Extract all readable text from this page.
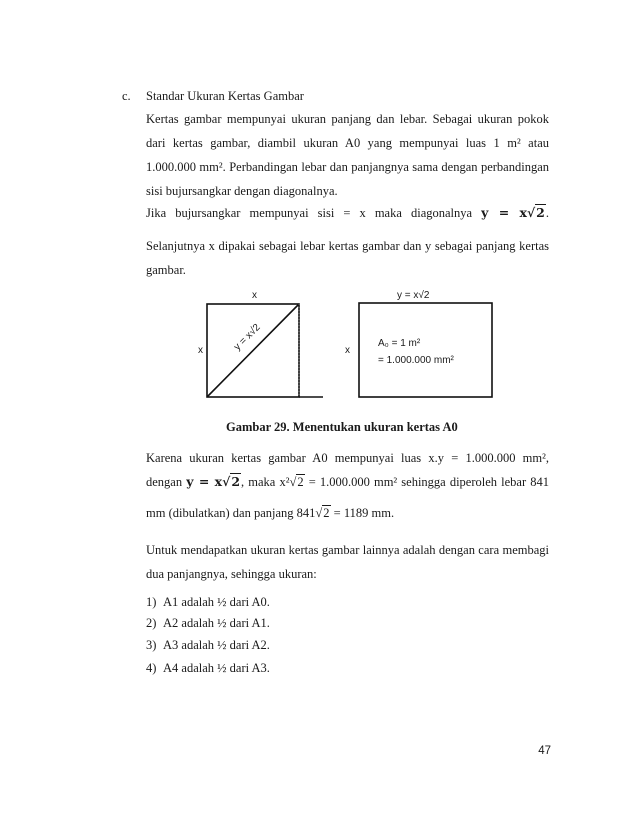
c. Standar Ukuran Kertas Gambar
Kertas gambar mempunyai ukuran panjang dan lebar. Sebagai ukuran pokok dari kertas gambar, diambil ukuran A0 yang mempunyai luas 1 m² atau 1.000.000 mm². Perbandingan lebar dan panjangnya sama dengan perbandingan sisi bujursangkar dengan diagonalnya.
Jika bujursangkar mempunyai sisi = x maka diagonalnya y = x√2.
Selanjutnya x dipakai sebagai lebar kertas gambar dan y sebagai panjang kertas gambar.
x
x	y = x√2
y = x√2
x
A₀ = 1 m²
= 1.000.000 mm²
Gambar 29. Menentukan ukuran kertas A0
Karena ukuran kertas gambar A0 mempunyai luas x.y = 1.000.000 mm²,
dengan y = x√2, maka x²√2 = 1.000.000 mm² sehingga diperoleh lebar 841
mm (dibulatkan) dan panjang 841√2 = 1189 mm.
Untuk mendapatkan ukuran kertas gambar lainnya adalah dengan cara membagi dua panjangnya, sehingga ukuran:
1) A1 adalah ½ dari A0.
2) A2 adalah ½ dari A1.
3) A3 adalah ½ dari A2.
4) A4 adalah ½ dari A3.
47
